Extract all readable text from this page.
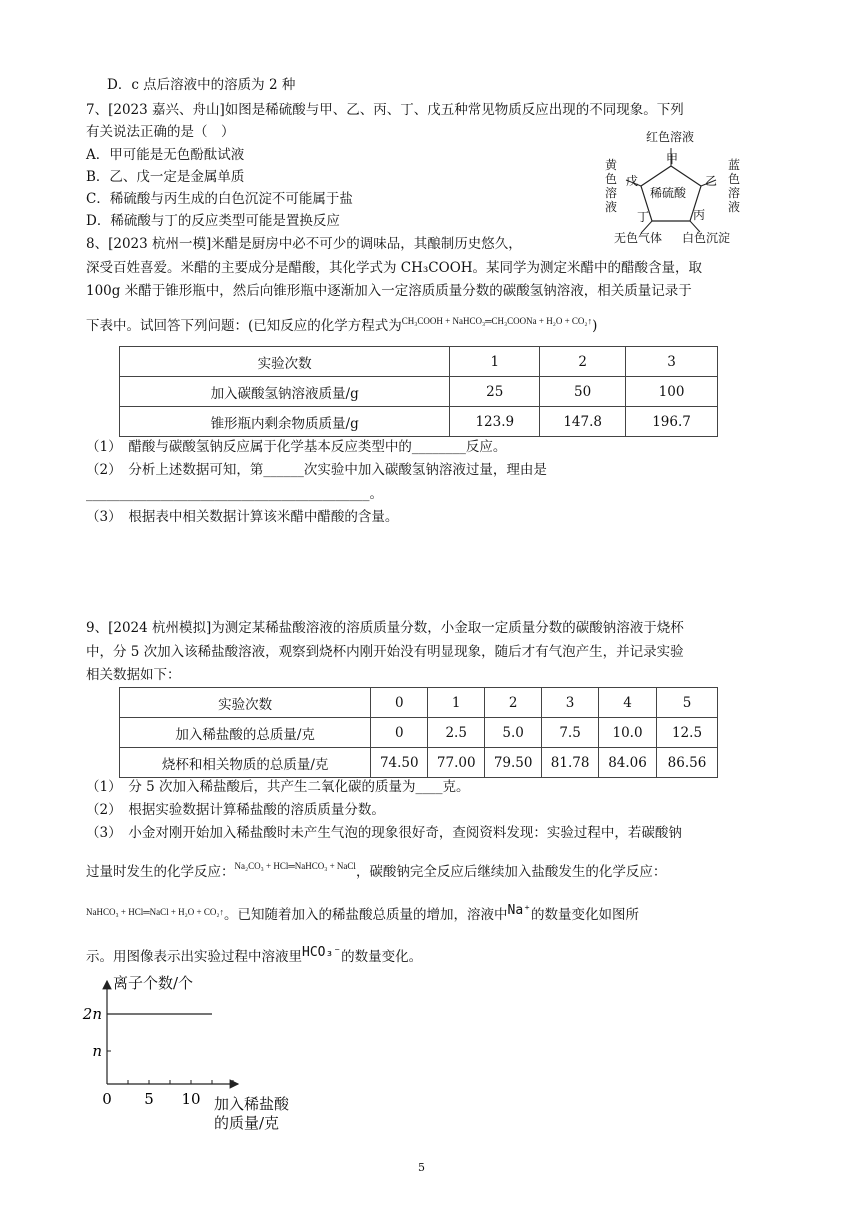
D．c 点后溶液中的溶质为 2 种
7、[2023 嘉兴、舟山]如图是稀硫酸与甲、乙、丙、丁、戊五种常见物质反应出现的不同现象。下列
有关说法正确的是（　）
A．甲可能是无色酚酞试液
B．乙、戊一定是金属单质
C．稀硫酸与丙生成的白色沉淀不可能属于盐
D．稀硫酸与丁的反应类型可能是置换反应
红色溶液
甲
稀硫酸
戊	乙
丁	丙
黄色溶液
蓝色溶液
无色气体 白色沉淀
8、[2023 杭州一模]米醋是厨房中必不可少的调味品，其酿制历史悠久，
深受百姓喜爱。米醋的主要成分是醋酸，其化学式为 CH₃COOH。某同学为测定米醋中的醋酸含量，取
100g 米醋于锥形瓶中，然后向锥形瓶中逐渐加入一定溶质质量分数的碳酸氢钠溶液，相关质量记录于
下表中。试回答下列问题：(已知反应的化学方程式为$^{CH_3COOH + NaHCO_3═CH_3COONa + H_2O + CO_2↑}$)
实验次数	1	2	3
加入碳酸氢钠溶液质量/g	25	50	100
锥形瓶内剩余物质质量/g	123.9	147.8	196.7
（1）　醋酸与碳酸氢钠反应属于化学基本反应类型中的________反应。
（2）　分析上述数据可知，第______次实验中加入碳酸氢钠溶液过量，理由是
__________________________________________。
（3）　根据表中相关数据计算该米醋中醋酸的含量。
9、[2024 杭州模拟]为测定某稀盐酸溶液的溶质质量分数，小金取一定质量分数的碳酸钠溶液于烧杯
中，分 5 次加入该稀盐酸溶液，观察到烧杯内刚开始没有明显现象，随后才有气泡产生，并记录实验
相关数据如下：
实验次数	0	1	2	3	4	5
加入稀盐酸的总质量/克	0	2.5	5.0	7.5	10.0	12.5
烧杯和相关物质的总质量/克	74.50	77.00	79.50	81.78	84.06	86.56
（1）　分 5 次加入稀盐酸后，共产生二氧化碳的质量为____克。
（2）　根据实验数据计算稀盐酸的溶质质量分数。
（3）　小金对刚开始加入稀盐酸时未产生气泡的现象很好奇，查阅资料发现：实验过程中，若碳酸钠
过量时发生的化学反应：$^{Na_2CO_3 + HCl═NaHCO_3 + NaCl}$，碳酸钠完全反应后继续加入盐酸发生的化学反应：
$^{NaHCO_3 + HCl═NaCl + H_2O + CO_2↑}$。已知随着加入的稀盐酸总质量的增加，溶液中Na⁺的数量变化如图所
示。用图像表示出实验过程中溶液里HCO₃⁻的数量变化。
0 5 10
2n
n
离子个数/个
加入稀盐酸
的质量/克
5
